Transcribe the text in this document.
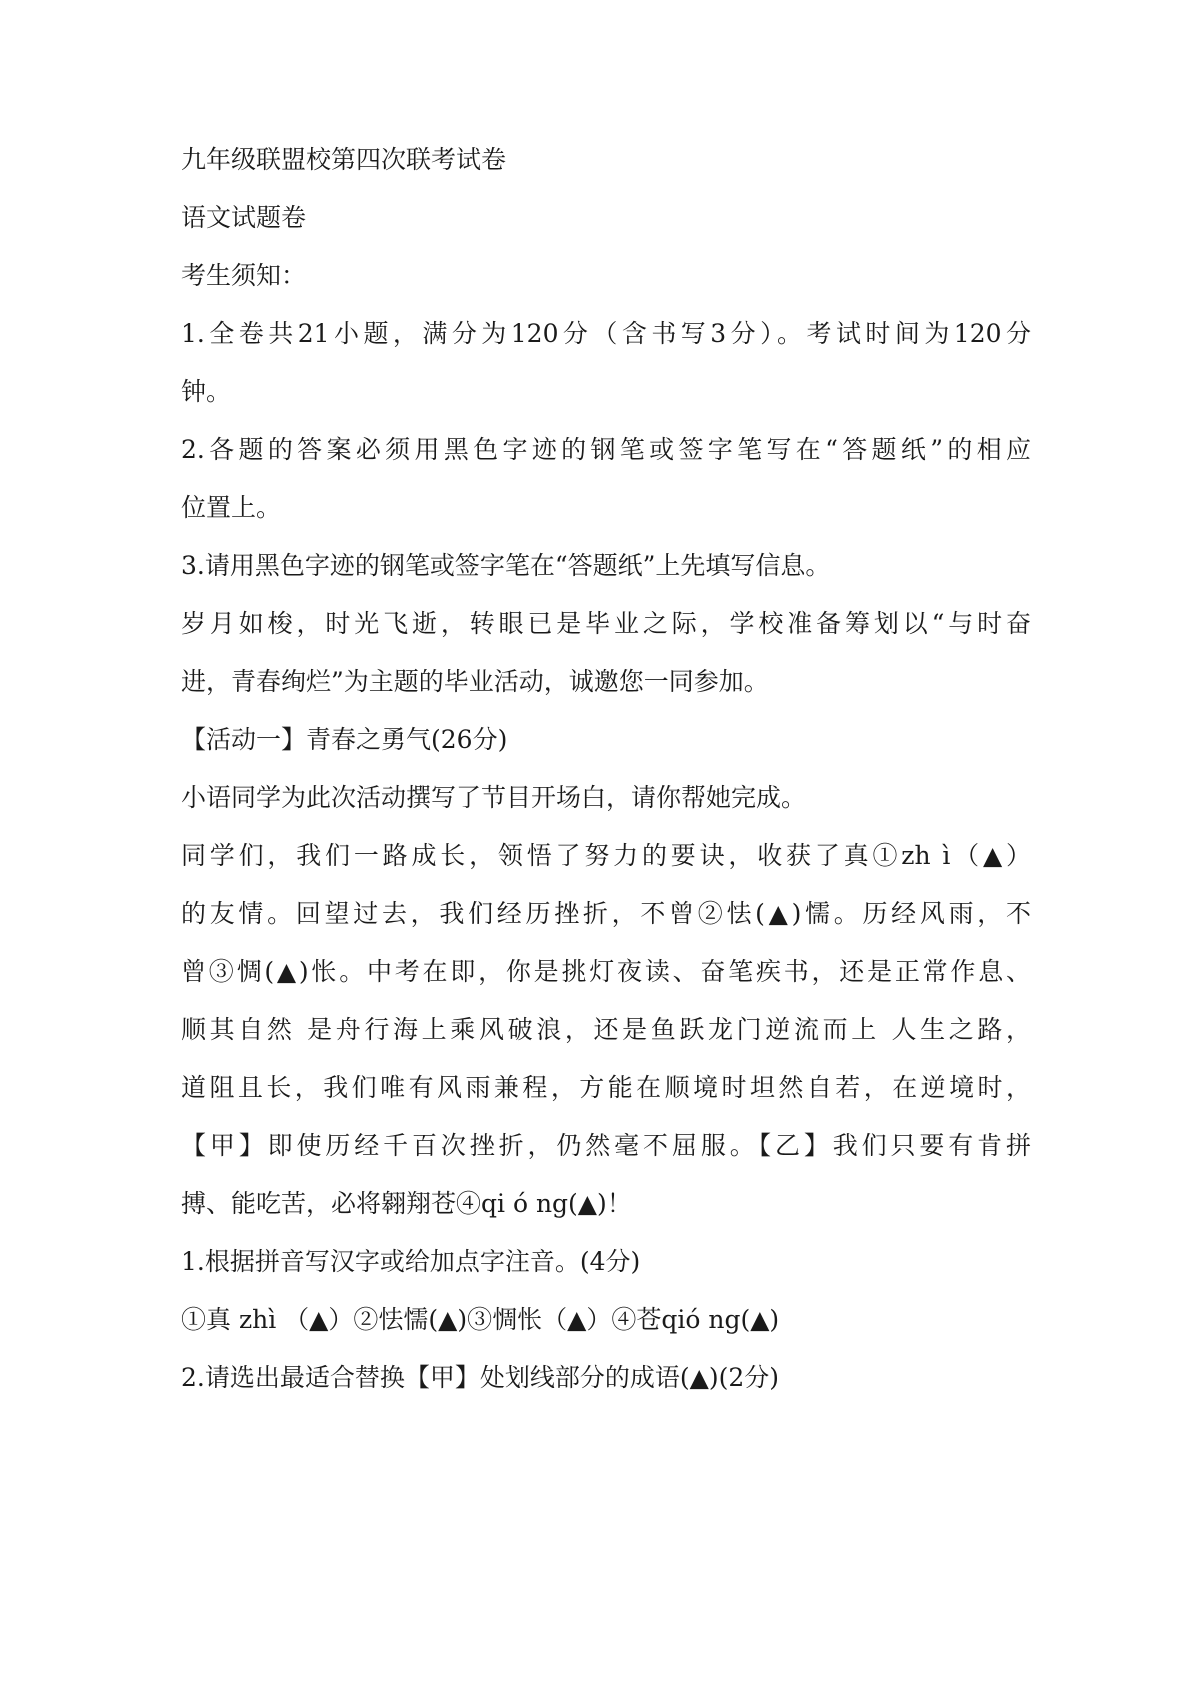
九年级联盟校第四次联考试卷
语文试题卷
考生须知：
1.全卷共21小题，满分为120分（含书写3分）。考试时间为120分
钟。
2.各题的答案必须用黑色字迹的钢笔或签字笔写在“答题纸”的相应
位置上。
3.请用黑色字迹的钢笔或签字笔在“答题纸”上先填写信息。
岁月如梭，时光飞逝，转眼已是毕业之际，学校准备筹划以“与时奋
进，青春绚烂”为主题的毕业活动，诚邀您一同参加。
【活动一】青春之勇气(26分)
小语同学为此次活动撰写了节目开场白，请你帮她完成。
同学们，我们一路成长，领悟了努力的要诀，收获了真①zh ì（▲）
的友情。回望过去，我们经历挫折，不曾②怯(▲)懦。历经风雨，不
曾③惆(▲)怅。中考在即，你是挑灯夜读、奋笔疾书，还是正常作息、
顺其自然 是舟行海上乘风破浪，还是鱼跃龙门逆流而上 人生之路，
道阻且长，我们唯有风雨兼程，方能在顺境时坦然自若，在逆境时，
【甲】即使历经千百次挫折，仍然毫不屈服。【乙】我们只要有肯拼
搏、能吃苦，必将翱翔苍④qi ó ng(▲)！
1.根据拼音写汉字或给加点字注音。(4分)
①真 zhì （▲）②怯懦(▲)③惆怅（▲）④苍qió ng(▲)
2.请选出最适合替换【甲】处划线部分的成语(▲)(2分)
